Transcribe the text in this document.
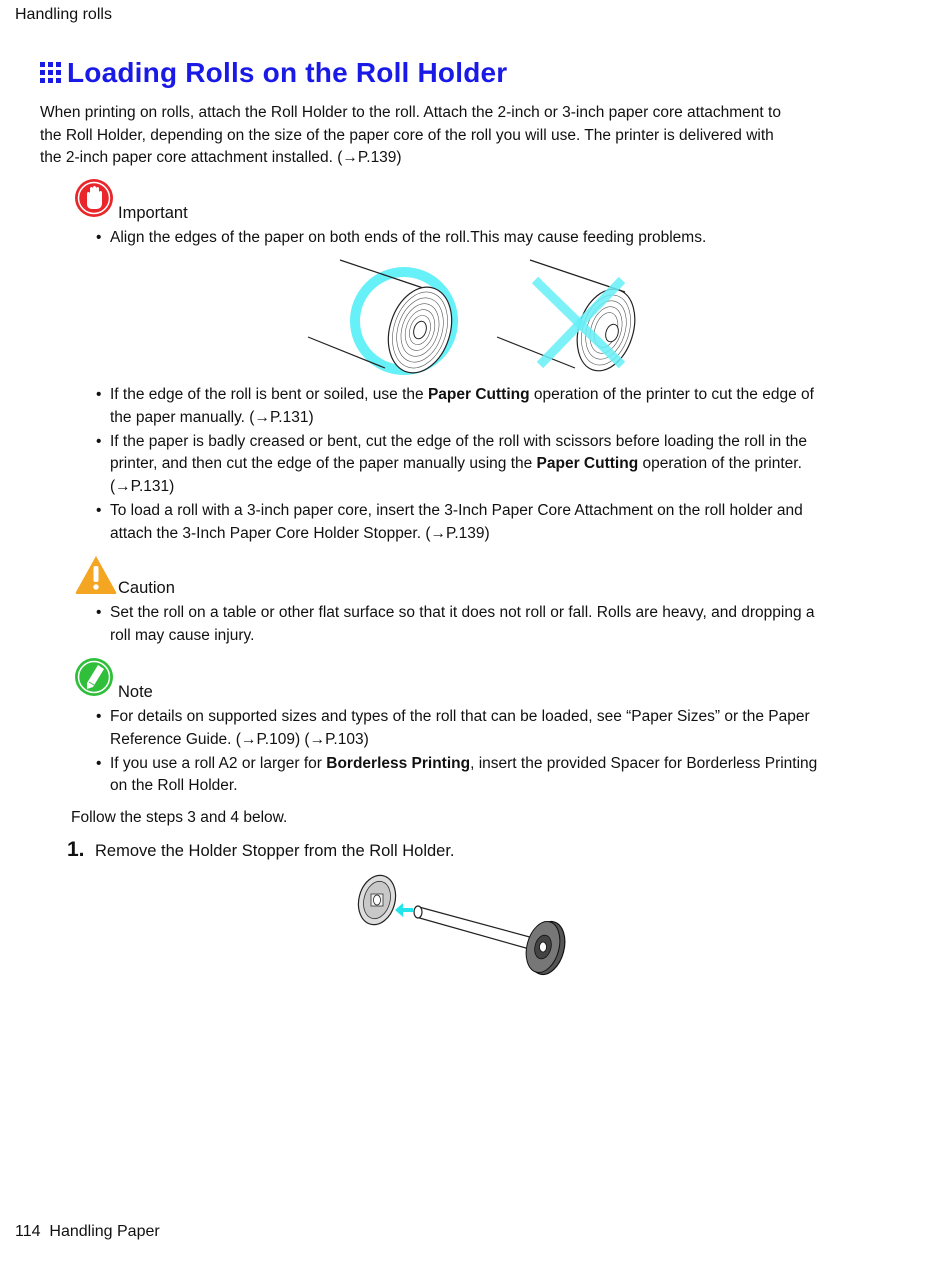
Handling rolls
Loading Rolls on the Roll Holder
When printing on rolls, attach the Roll Holder to the roll. Attach the 2-inch or 3-inch paper core attachment to
the Roll Holder, depending on the size of the paper core of the roll you will use. The printer is delivered with
the 2-inch paper core attachment installed. (→P.139)
Important
• Align the edges of the paper on both ends of the roll.This may cause feeding problems.
• If the edge of the roll is bent or soiled, use the Paper Cutting operation of the printer to cut the edge of the paper manually. (→P.131)
• If the paper is badly creased or bent, cut the edge of the roll with scissors before loading the roll in the printer, and then cut the edge of the paper manually using the Paper Cutting operation of the printer. (→P.131)
• To load a roll with a 3-inch paper core, insert the 3-Inch Paper Core Attachment on the roll holder and attach the 3-Inch Paper Core Holder Stopper. (→P.139)
Caution
• Set the roll on a table or other flat surface so that it does not roll or fall. Rolls are heavy, and dropping a roll may cause injury.
Note
• For details on supported sizes and types of the roll that can be loaded, see “Paper Sizes” or the Paper Reference Guide. (→P.109) (→P.103)
• If you use a roll A2 or larger for Borderless Printing, insert the provided Spacer for Borderless Printing on the Roll Holder.
Follow the steps 3 and 4 below.
1. Remove the Holder Stopper from the Roll Holder.
114 Handling Paper
